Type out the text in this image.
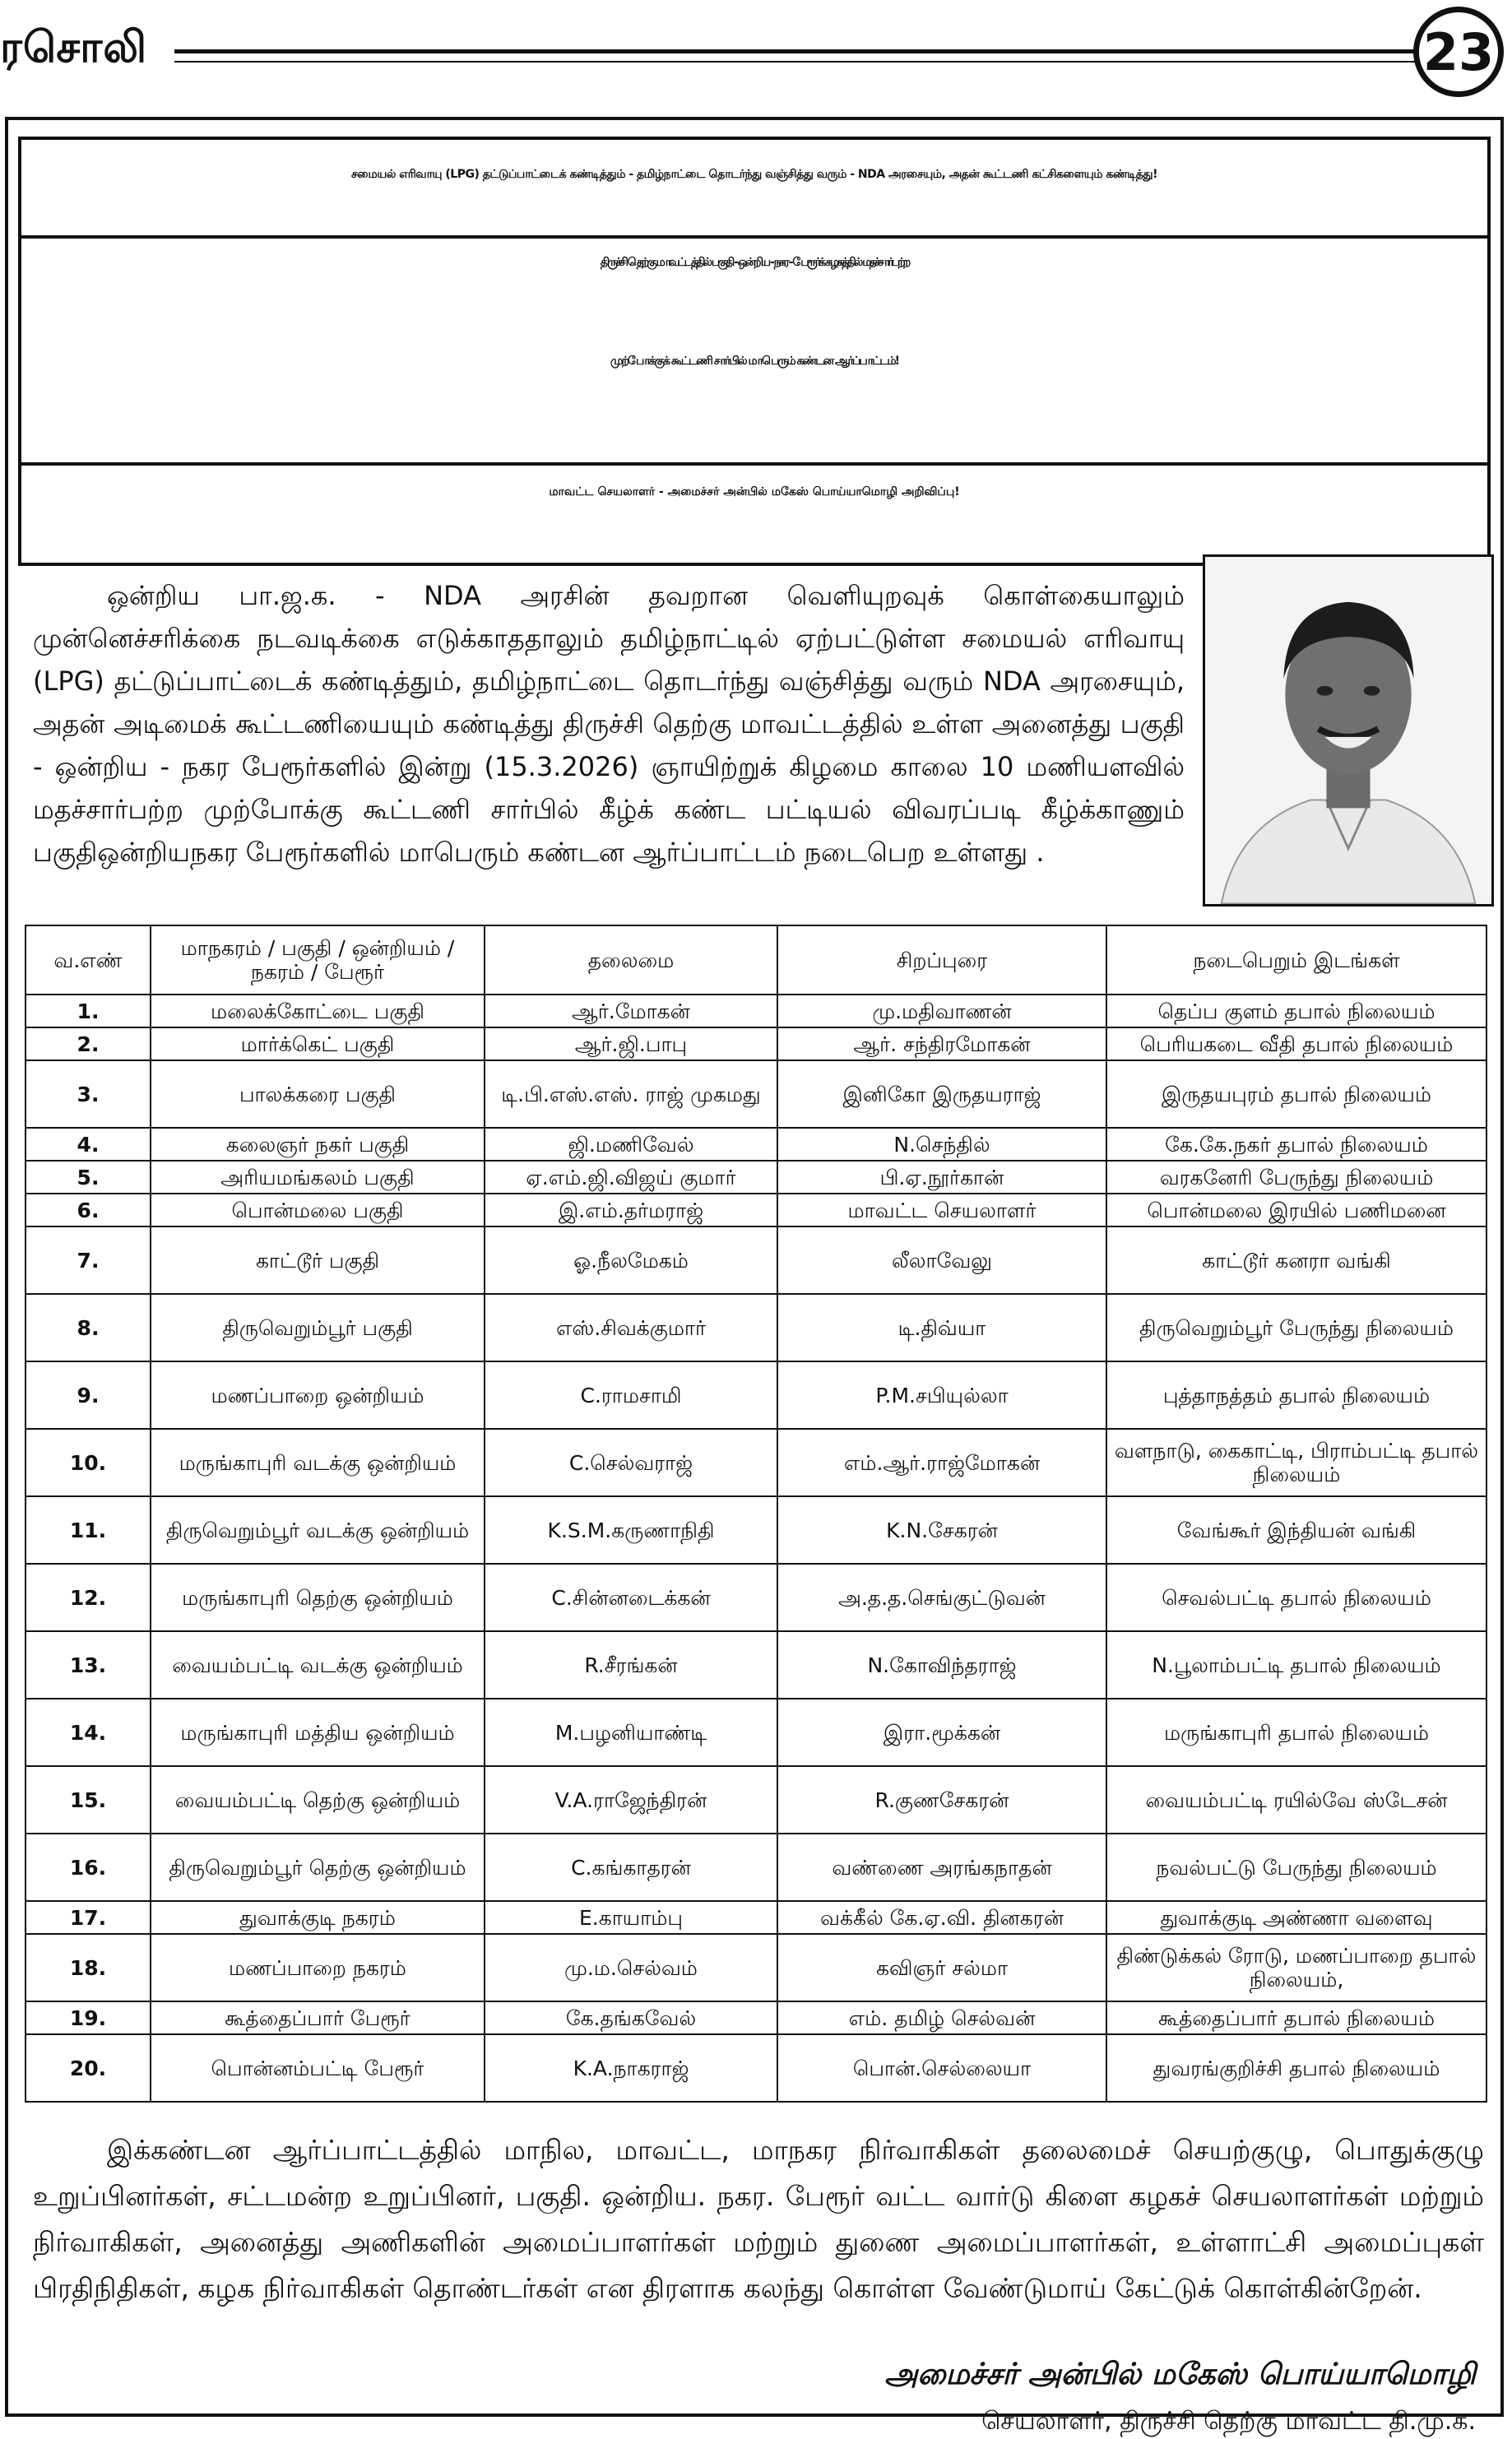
ரசொலி	23
சமையல் எரிவாயு (LPG) தட்டுப்பாட்டைக் கண்டித்தும் - தமிழ்நாட்டை தொடர்ந்து வஞ்சித்து வரும் - NDA அரசையும், அதன் கூட்டணி கட்சிகளையும் கண்டித்து!
திருச்சி தெற்கு மாவட்டத்தில் பகுதி - ஒன்றிய - நகர - பேரூர்க் கழகத்தில் மதச்சார்பற்ற
முற்போக்குக் கூட்டணி சார்பில் மாபெரும் கண்டன ஆர்ப்பாட்டம்!
மாவட்ட செயலாளர் - அமைச்சர் அன்பில் மகேஸ் பொய்யாமொழி அறிவிப்பு!
ஒன்றிய பா.ஜ.க. - NDA அரசின் தவறான வெளியுறவுக் கொள்கையாலும் முன்னெச்சரிக்கை நடவடிக்கை எடுக்காததாலும் தமிழ்நாட்டில் ஏற்பட்டுள்ள சமையல் எரிவாயு (LPG) தட்டுப்பாட்டைக் கண்டித்தும், தமிழ்நாட்டை தொடர்ந்து வஞ்சித்து வரும் NDA அரசையும், அதன் அடிமைக் கூட்டணியையும் கண்டித்து திருச்சி தெற்கு மாவட்டத்தில் உள்ள அனைத்து பகுதி - ஒன்றிய - நகர பேரூர்களில் இன்று (15.3.2026) ஞாயிற்றுக் கிழமை காலை 10 மணியளவில் மதச்சார்பற்ற முற்போக்கு கூட்டணி சார்பில் கீழ்க் கண்ட பட்டியல் விவரப்படி கீழ்க்காணும் பகுதிஒன்றியநகர பேரூர்களில் மாபெரும் கண்டன ஆர்ப்பாட்டம் நடைபெற உள்ளது .
வ.எண்	மாநகரம் / பகுதி / ஒன்றியம் / நகரம் / பேரூர்	தலைமை	சிறப்புரை	நடைபெறும் இடங்கள்
1.	மலைக்கோட்டை பகுதி	ஆர்.மோகன்	மு.மதிவாணன்	தெப்ப குளம் தபால் நிலையம்
2.	மார்க்கெட் பகுதி	ஆர்.ஜி.பாபு	ஆர். சந்திரமோகன்	பெரியகடை வீதி தபால் நிலையம்
3.	பாலக்கரை பகுதி	டி.பி.எஸ்.எஸ். ராஜ் முகமது	இனிகோ இருதயராஜ்	இருதயபுரம் தபால் நிலையம்
4.	கலைஞர் நகர் பகுதி	ஜி.மணிவேல்	N.செந்தில்	கே.கே.நகர் தபால் நிலையம்
5.	அரியமங்கலம் பகுதி	ஏ.எம்.ஜி.விஜய் குமார்	பி.ஏ.நூர்கான்	வரகனேரி பேருந்து நிலையம்
6.	பொன்மலை பகுதி	இ.எம்.தர்மராஜ்	மாவட்ட செயலாளர்	பொன்மலை இரயில் பணிமனை
7.	காட்டூர் பகுதி	ஓ.நீலமேகம்	லீலாவேலு	காட்டூர் கனரா வங்கி
8.	திருவெறும்பூர் பகுதி	எஸ்.சிவக்குமார்	டி.திவ்யா	திருவெறும்பூர் பேருந்து நிலையம்
9.	மணப்பாறை ஒன்றியம்	C.ராமசாமி	P.M.சபியுல்லா	புத்தாநத்தம் தபால் நிலையம்
10.	மருங்காபுரி வடக்கு ஒன்றியம்	C.செல்வராஜ்	எம்.ஆர்.ராஜ்மோகன்	வளநாடு, கைகாட்டி, பிராம்பட்டி தபால் நிலையம்
11.	திருவெறும்பூர் வடக்கு ஒன்றியம்	K.S.M.கருணாநிதி	K.N.சேகரன்	வேங்கூர் இந்தியன் வங்கி
12.	மருங்காபுரி தெற்கு ஒன்றியம்	C.சின்னடைக்கன்	அ.த.த.செங்குட்டுவன்	செவல்பட்டி தபால் நிலையம்
13.	வையம்பட்டி வடக்கு ஒன்றியம்	R.சீரங்கன்	N.கோவிந்தராஜ்	N.பூலாம்பட்டி தபால் நிலையம்
14.	மருங்காபுரி மத்திய ஒன்றியம்	M.பழனியாண்டி	இரா.மூக்கன்	மருங்காபுரி தபால் நிலையம்
15.	வையம்பட்டி தெற்கு ஒன்றியம்	V.A.ராஜேந்திரன்	R.குணசேகரன்	வையம்பட்டி ரயில்வே ஸ்டேசன்
16.	திருவெறும்பூர் தெற்கு ஒன்றியம்	C.கங்காதரன்	வண்ணை அரங்கநாதன்	நவல்பட்டு பேருந்து நிலையம்
17.	துவாக்குடி நகரம்	E.காயாம்பு	வக்கீல் கே.ஏ.வி. தினகரன்	துவாக்குடி அண்ணா வளைவு
18.	மணப்பாறை நகரம்	மு.ம.செல்வம்	கவிஞர் சல்மா	திண்டுக்கல் ரோடு, மணப்பாறை தபால் நிலையம்,
19.	கூத்தைப்பார் பேரூர்	கே.தங்கவேல்	எம். தமிழ் செல்வன்	கூத்தைப்பார் தபால் நிலையம்
20.	பொன்னம்பட்டி பேரூர்	K.A.நாகராஜ்	பொன்.செல்லையா	துவரங்குறிச்சி தபால் நிலையம்
இக்கண்டன ஆர்ப்பாட்டத்தில் மாநில, மாவட்ட, மாநகர நிர்வாகிகள் தலைமைச் செயற்குழு, பொதுக்குழு உறுப்பினர்கள், சட்டமன்ற உறுப்பினர், பகுதி. ஒன்றிய. நகர. பேரூர் வட்ட வார்டு கிளை கழகச் செயலாளர்கள் மற்றும் நிர்வாகிகள், அனைத்து அணிகளின் அமைப்பாளர்கள் மற்றும் துணை அமைப்பாளர்கள், உள்ளாட்சி அமைப்புகள் பிரதிநிதிகள், கழக நிர்வாகிகள் தொண்டர்கள் என திரளாக கலந்து கொள்ள வேண்டுமாய் கேட்டுக் கொள்கின்றேன்.
அமைச்சர் அன்பில் மகேஸ் பொய்யாமொழி
செயலாளர், திருச்சி தெற்கு மாவட்ட தி.மு.க.
